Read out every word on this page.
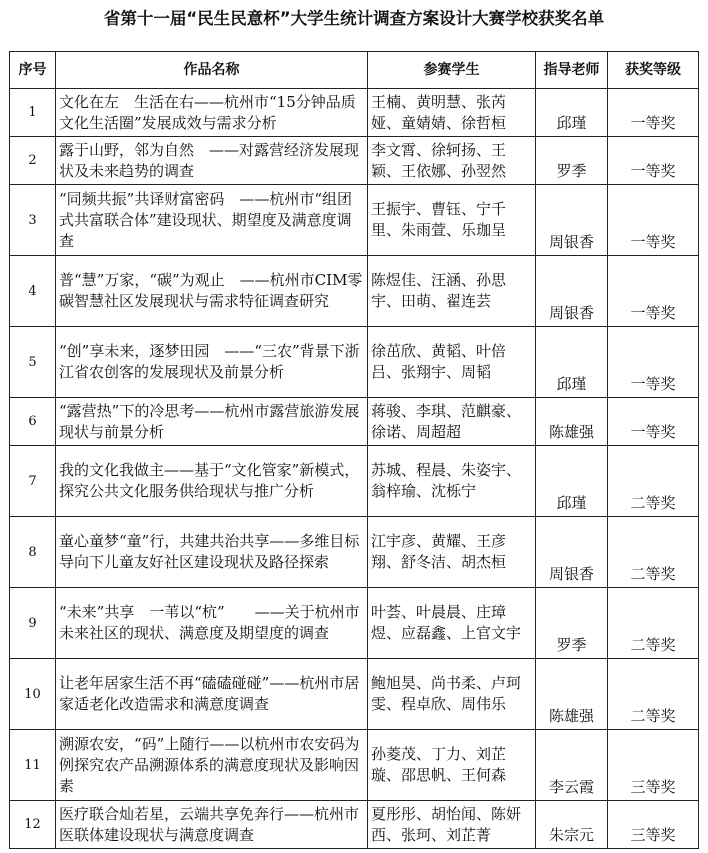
省第十一届“民生民意杯”大学生统计调查方案设计大赛学校获奖名单
序号	作品名称	参赛学生	指导老师	获奖等级
1	文化在左　生活在右——杭州市“15分钟品质文化生活圈”发展成效与需求分析	王楠、黄明慧、张芮娅、童婧婧、徐哲桓	邱瑾	一等奖
2	露于山野，邻为自然　——对露营经济发展现状及未来趋势的调查	李文霄、徐轲扬、王颖、王依娜、孙翌然	罗季	一等奖
3	“同频共振”共译财富密码　——杭州市“组团式共富联合体”建设现状、期望度及满意度调查	王振宇、曹钰、宁千里、朱雨萱、乐珈呈	周银香	一等奖
4	普“慧”万家，“碳”为观止　——杭州市CIM零碳智慧社区发展现状与需求特征调查研究	陈煜佳、汪涵、孙思宇、田萌、翟连芸	周银香	一等奖
5	“创”享未来，逐梦田园　——“三农”背景下浙江省农创客的发展现状及前景分析	徐茁欣、黄韬、叶倍吕、张翔宇、周韬	邱瑾	一等奖
6	“露营热”下的冷思考——杭州市露营旅游发展现状与前景分析	蒋骏、李琪、范麒豪、徐诺、周超超	陈雄强	一等奖
7	我的文化我做主——基于“文化管家”新模式，探究公共文化服务供给现状与推广分析	苏城、程晨、朱姿宇、翁梓瑜、沈栎宁	邱瑾	二等奖
8	童心童梦“童”行，共建共治共享——多维目标导向下儿童友好社区建设现状及路径探索	江宇彦、黄耀、王彦翔、舒冬洁、胡杰桓	周银香	二等奖
9	“未来”共享　一苇以“杭”　　——关于杭州市未来社区的现状、满意度及期望度的调查	叶荟、叶晨晨、庄璋煜、应磊鑫、上官文宇	罗季	二等奖
10	让老年居家生活不再“磕磕碰碰”——杭州市居家适老化改造需求和满意度调查	鲍旭昊、尚书柔、卢珂雯、程卓欣、周伟乐	陈雄强	二等奖
11	溯源农安，“码”上随行——以杭州市农安码为例探究农产品溯源体系的满意度现状及影响因素	孙菱茂、丁力、刘芷璇、邵思帆、王何森	李云霞	三等奖
12	医疗联合灿若星，云端共享免奔行——杭州市医联体建设现状与满意度调查	夏彤彤、胡怡闻、陈妍西、张珂、刘芷菁	朱宗元	三等奖
